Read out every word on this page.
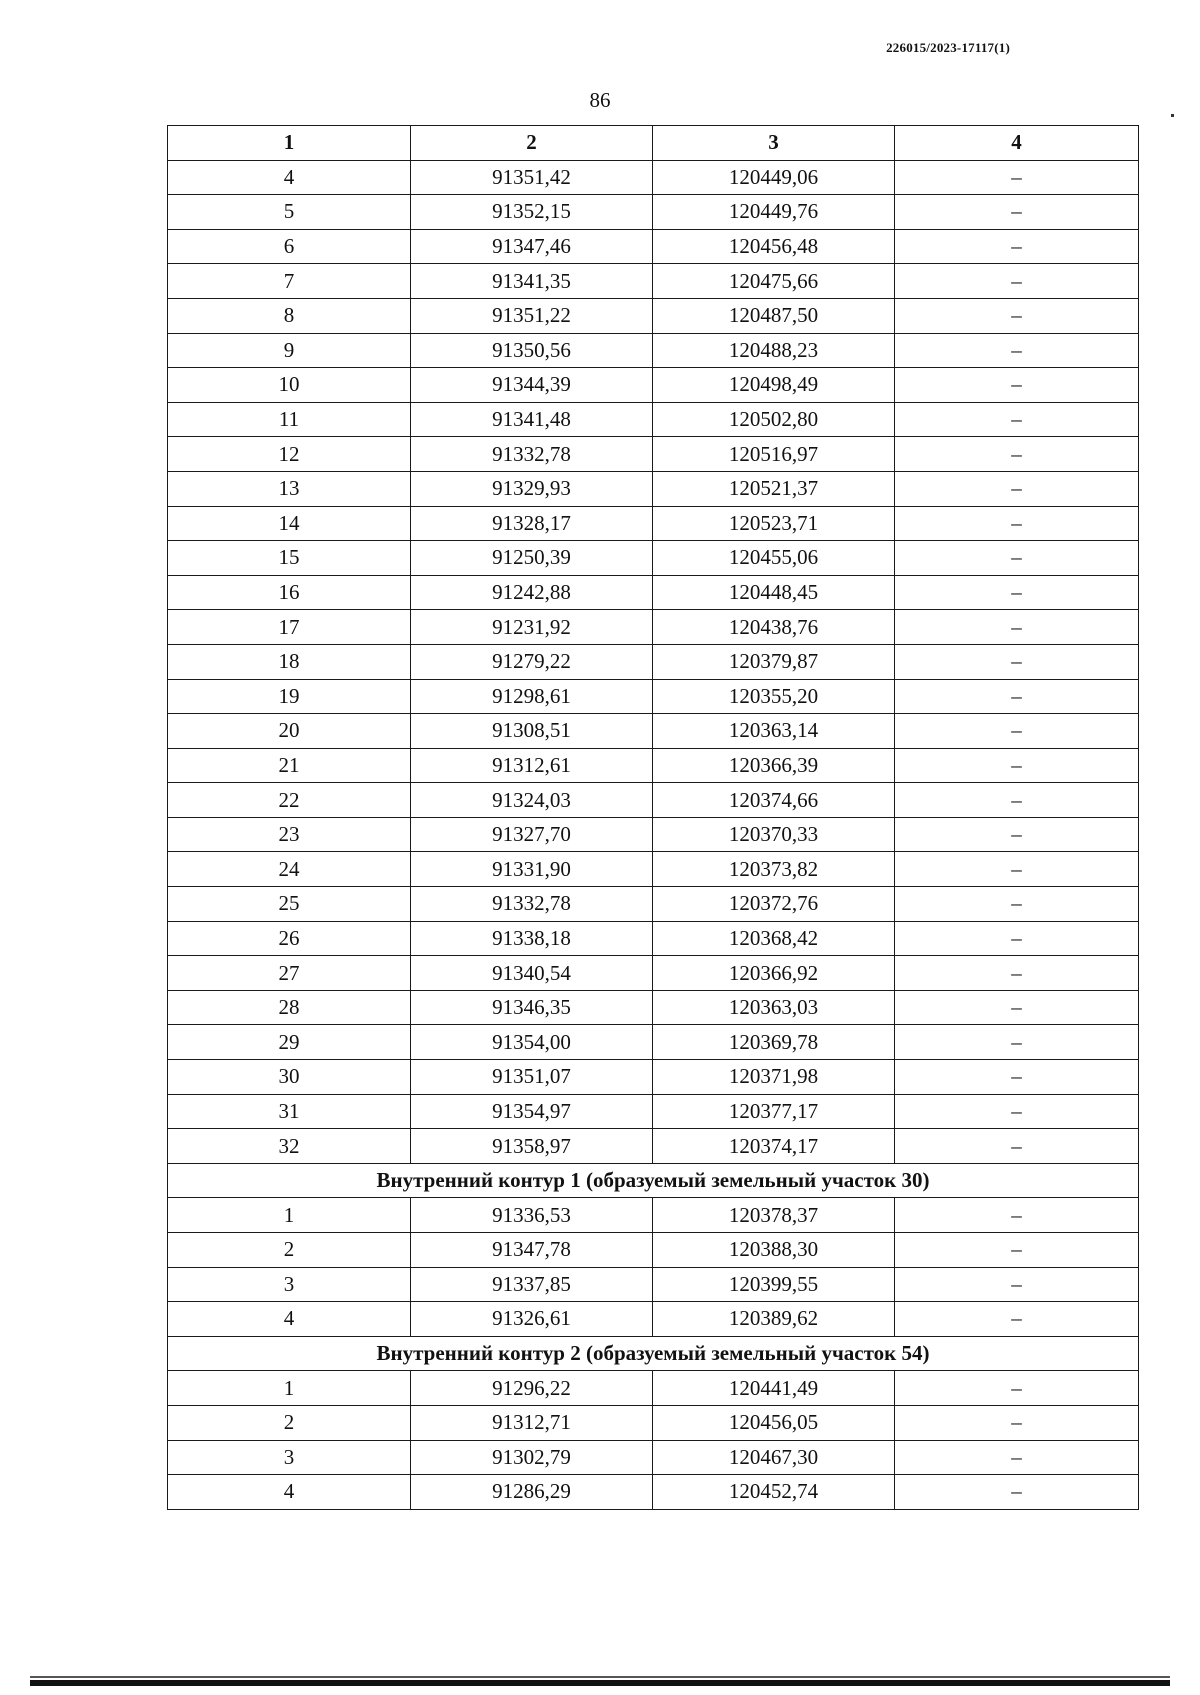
226015/2023-17117(1)
86
1	2	3	4
4	91351,42	120449,06	–
5	91352,15	120449,76	–
6	91347,46	120456,48	–
7	91341,35	120475,66	–
8	91351,22	120487,50	–
9	91350,56	120488,23	–
10	91344,39	120498,49	–
11	91341,48	120502,80	–
12	91332,78	120516,97	–
13	91329,93	120521,37	–
14	91328,17	120523,71	–
15	91250,39	120455,06	–
16	91242,88	120448,45	–
17	91231,92	120438,76	–
18	91279,22	120379,87	–
19	91298,61	120355,20	–
20	91308,51	120363,14	–
21	91312,61	120366,39	–
22	91324,03	120374,66	–
23	91327,70	120370,33	–
24	91331,90	120373,82	–
25	91332,78	120372,76	–
26	91338,18	120368,42	–
27	91340,54	120366,92	–
28	91346,35	120363,03	–
29	91354,00	120369,78	–
30	91351,07	120371,98	–
31	91354,97	120377,17	–
32	91358,97	120374,17	–
Внутренний контур 1 (образуемый земельный участок 30)			
1	91336,53	120378,37	–
2	91347,78	120388,30	–
3	91337,85	120399,55	–
4	91326,61	120389,62	–
Внутренний контур 2 (образуемый земельный участок 54)			
1	91296,22	120441,49	–
2	91312,71	120456,05	–
3	91302,79	120467,30	–
4	91286,29	120452,74	–
